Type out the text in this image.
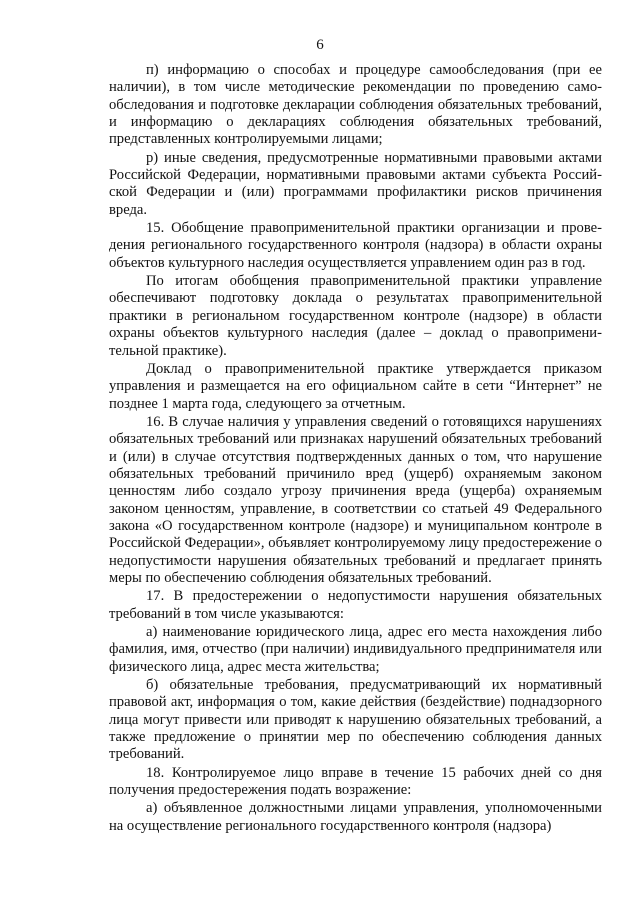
6

п) информацию о способах и процедуре самообследования (при ее наличии), в том числе методические рекомендации по проведению самообследования и подготовке декларации соблюдения обязательных требований, и информацию о декларациях соблюдения обязательных требований, представленных контролируемыми лицами;

р) иные сведения, предусмотренные нормативными правовыми актами Российской Федерации, нормативными правовыми актами субъекта Российской Федерации и (или) программами профилактики рисков причинения вреда.

15. Обобщение правоприменительной практики организации и проведения регионального государственного контроля (надзора) в области охраны объектов культурного наследия осуществляется управлением один раз в год.

По итогам обобщения правоприменительной практики управление обеспечивают подготовку доклада о результатах правоприменительной практики в региональном государственном контроле (надзоре) в области охраны объектов культурного наследия (далее – доклад о правоприменительной практике).

Доклад о правоприменительной практике утверждается приказом управления и размещается на его официальном сайте в сети “Интернет” не позднее 1 марта года, следующего за отчетным.

16. В случае наличия у управления сведений о готовящихся нарушениях обязательных требований или признаках нарушений обязательных требований и (или) в случае отсутствия подтвержденных данных о том, что нарушение обязательных требований причинило вред (ущерб) охраняемым законом ценностям либо создало угрозу причинения вреда (ущерба) охраняемым законом ценностям, управление, в соответствии со статьей 49 Федерального закона «О государственном контроле (надзоре) и муниципальном контроле в Российской Федерации», объявляет контролируемому лицу предостережение о недопустимости нарушения обязательных требований и предлагает принять меры по обеспечению соблюдения обязательных требований.

17. В предостережении о недопустимости нарушения обязательных требований в том числе указываются:

а) наименование юридического лица, адрес его места нахождения либо фамилия, имя, отчество (при наличии) индивидуального предпринимателя или физического лица, адрес места жительства;

б) обязательные требования, предусматривающий их нормативный правовой акт, информация о том, какие действия (бездействие) поднадзорного лица могут привести или приводят к нарушению обязательных требований, а также предложение о принятии мер по обеспечению соблюдения данных требований.

18. Контролируемое лицо вправе в течение 15 рабочих дней со дня получения предостережения подать возражение:

а) объявленное должностными лицами управления, уполномоченными на осуществление регионального государственного контроля (надзора)
